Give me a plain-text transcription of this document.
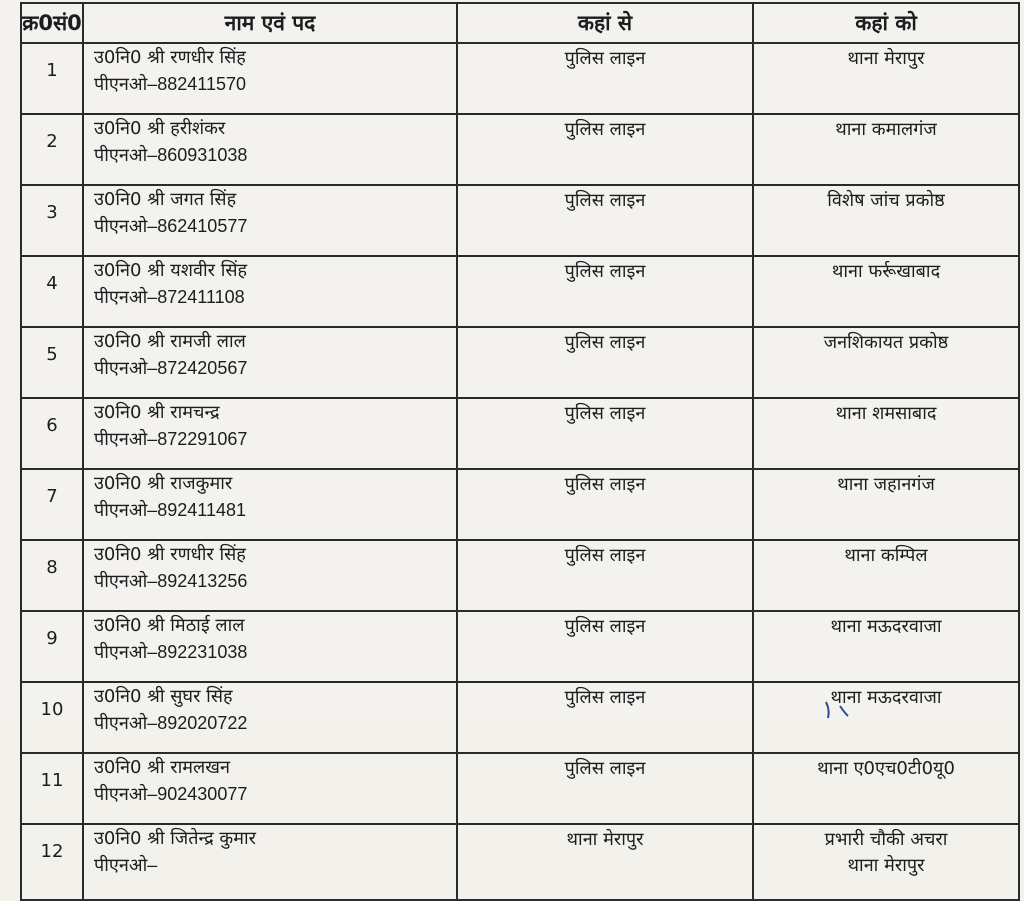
क्र0सं0	नाम एवं पद	कहां से	कहां को
1	उ0नि0 श्री रणधीर सिंह
पीएनओ–882411570	पुलिस लाइन	थाना मेरापुर

2	उ0नि0 श्री हरीशंकर
पीएनओ–860931038	पुलिस लाइन	थाना कमालगंज

3	उ0नि0 श्री जगत सिंह
पीएनओ–862410577	पुलिस लाइन	विशेष जांच प्रकोष्ठ

4	उ0नि0 श्री यशवीर सिंह
पीएनओ–872411108	पुलिस लाइन	थाना फर्रूखाबाद

5	उ0नि0 श्री रामजी लाल
पीएनओ–872420567	पुलिस लाइन	जनशिकायत प्रकोष्ठ

6	उ0नि0 श्री रामचन्द्र
पीएनओ–872291067	पुलिस लाइन	थाना शमसाबाद

7	उ0नि0 श्री राजकुमार
पीएनओ–892411481	पुलिस लाइन	थाना जहानगंज

8	उ0नि0 श्री रणधीर सिंह
पीएनओ–892413256	पुलिस लाइन	थाना कम्पिल

9	उ0नि0 श्री मिठाई लाल
पीएनओ–892231038	पुलिस लाइन	थाना मऊदरवाजा

10	उ0नि0 श्री सुघर सिंह
पीएनओ–892020722	पुलिस लाइन	थाना मऊदरवाजा

11	उ0नि0 श्री रामलखन
पीएनओ–902430077	पुलिस लाइन	थाना ए0एच0टी0यू0

12	उ0नि0 श्री जितेन्द्र कुमार
पीएनओ–	थाना मेरापुर	प्रभारी चौकी अचरा
थाना मेरापुर
